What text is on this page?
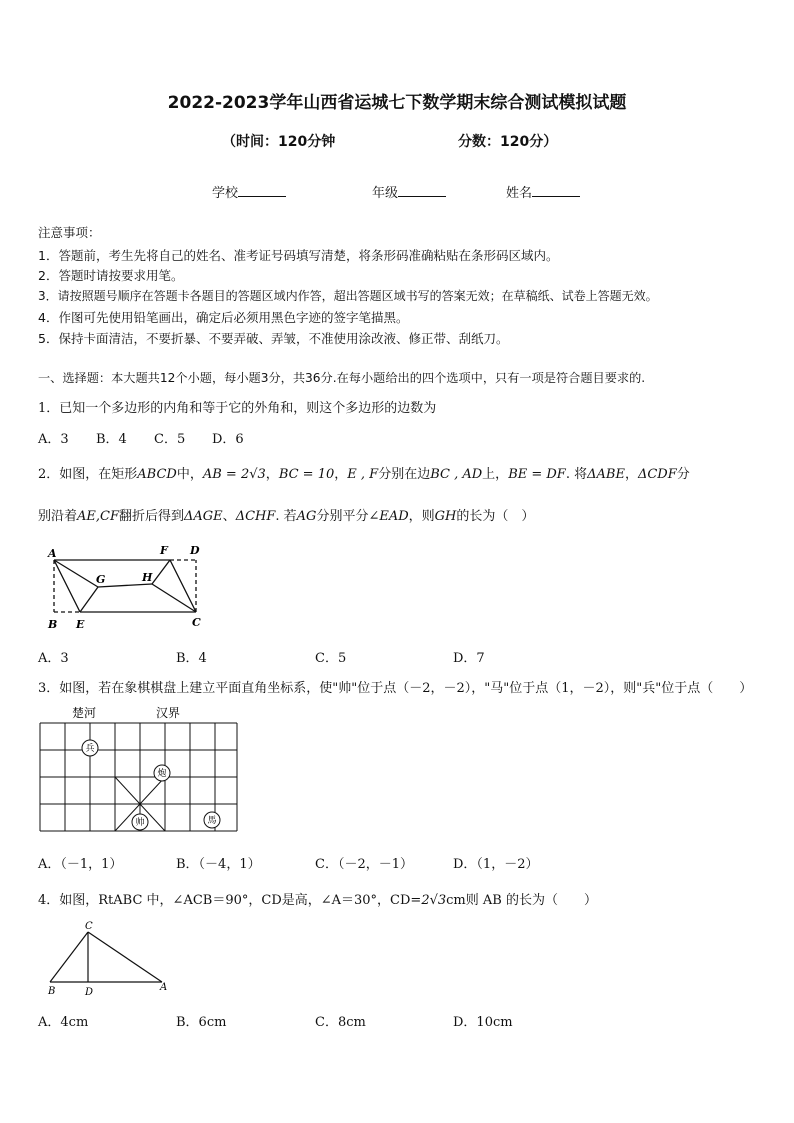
2022-2023学年山西省运城七下数学期末综合测试模拟试题
（时间：120分钟	分数：120分）
学校	年级	姓名
注意事项：
1．答题前，考生先将自己的姓名、准考证号码填写清楚，将条形码准确粘贴在条形码区域内。
2．答题时请按要求用笔。
3．请按照题号顺序在答题卡各题目的答题区域内作答，超出答题区域书写的答案无效；在草稿纸、试卷上答题无效。
4．作图可先使用铅笔画出，确定后必须用黑色字迹的签字笔描黑。
5．保持卡面清洁，不要折暴、不要弄破、弄皱，不准使用涂改液、修正带、刮纸刀。
一、选择题：本大题共12个小题，每小题3分，共36分.在每小题给出的四个选项中，只有一项是符合题目要求的.
1．已知一个多边形的内角和等于它的外角和，则这个多边形的边数为
A．3 B．4 C．5 D．6
2．如图，在矩形ABCD中，AB = 2√3，BC = 10，E , F分别在边BC , AD上，BE = DF. 将ΔABE，ΔCDF分
别沿着AE,CF翻折后得到ΔAGE、ΔCHF. 若AG分别平分∠EAD，则GH的长为（　）
A
B E	C
D
F
G	H
A．3	B．4	C．5	D．7
3．如图，若在象棋棋盘上建立平面直角坐标系，使"帅"位于点（－2，－2），"马"位于点（1，－2），则"兵"位于点（　　）
楚河	汉界
兵
炮
帅	馬
A．（－1，1）	B．（－4，1）	C．（－2，－1）	D．（1，－2）
4．如图，RtABC 中，∠ACB＝90°，CD是高，∠A＝30°，CD=2√3cm则 AB 的长为（　　）
C
B	D	A
A．4cm	B．6cm	C．8cm	D．10cm
